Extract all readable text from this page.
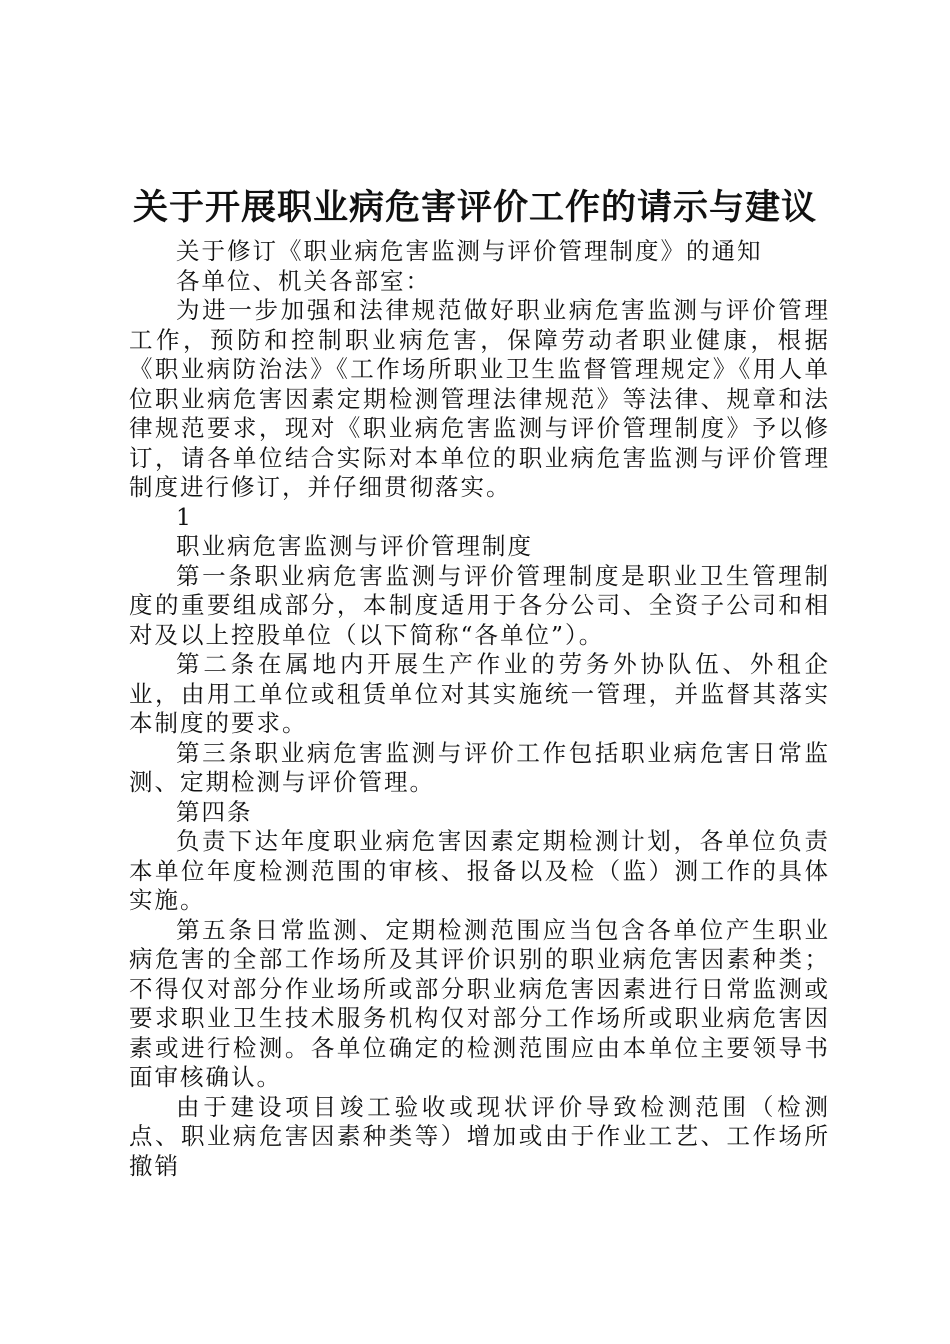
关于开展职业病危害评价工作的请示与建议

关于修订《职业病危害监测与评价管理制度》的通知

各单位、机关各部室：

为进一步加强和法律规范做好职业病危害监测与评价管理工作，预防和控制职业病危害，保障劳动者职业健康，根据《职业病防治法》《工作场所职业卫生监督管理规定》《用人单位职业病危害因素定期检测管理法律规范》等法律、规章和法律规范要求，现对《职业病危害监测与评价管理制度》予以修订，请各单位结合实际对本单位的职业病危害监测与评价管理制度进行修订，并仔细贯彻落实。

1

职业病危害监测与评价管理制度

第一条职业病危害监测与评价管理制度是职业卫生管理制度的重要组成部分，本制度适用于各分公司、全资子公司和相对及以上控股单位（以下简称“各单位”）。

第二条在属地内开展生产作业的劳务外协队伍、外租企业，由用工单位或租赁单位对其实施统一管理，并监督其落实本制度的要求。

第三条职业病危害监测与评价工作包括职业病危害日常监测、定期检测与评价管理。

第四条

负责下达年度职业病危害因素定期检测计划，各单位负责本单位年度检测范围的审核、报备以及检（监）测工作的具体实施。

第五条日常监测、定期检测范围应当包含各单位产生职业病危害的全部工作场所及其评价识别的职业病危害因素种类；不得仅对部分作业场所或部分职业病危害因素进行日常监测或要求职业卫生技术服务机构仅对部分工作场所或职业病危害因素或进行检测。各单位确定的检测范围应由本单位主要领导书面审核确认。

由于建设项目竣工验收或现状评价导致检测范围（检测点、职业病危害因素种类等）增加或由于作业工艺、工作场所撤销
